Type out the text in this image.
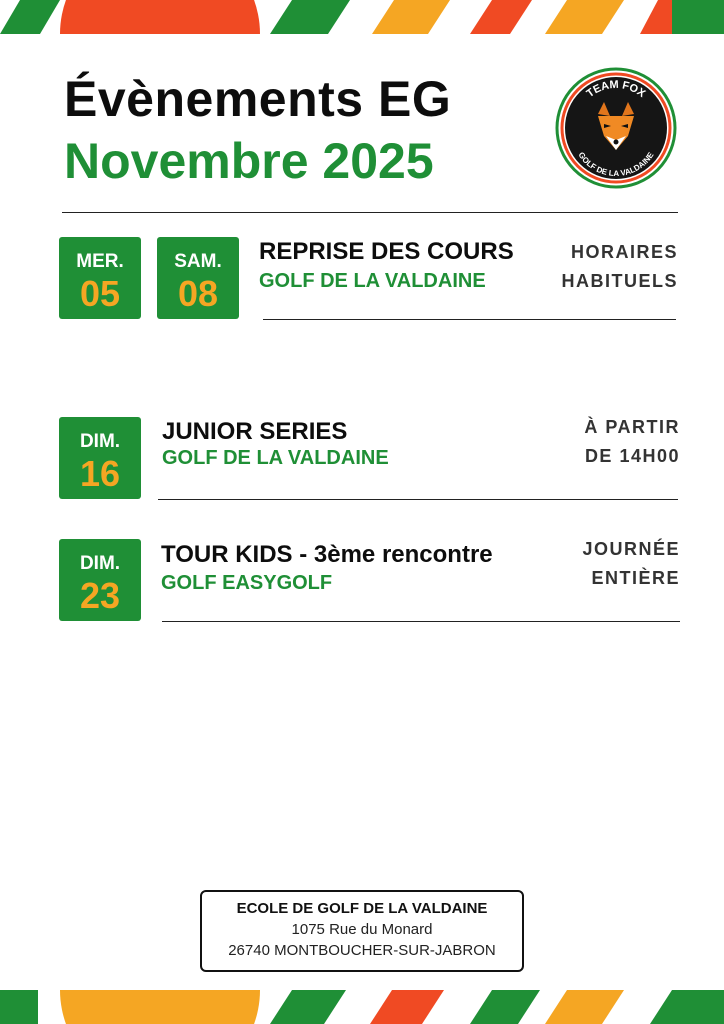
Évènements EG
Novembre 2025
TEAM FOX
GOLF DE LA VALDAINE
MER.
05
SAM.
08
REPRISE DES COURS
GOLF DE LA VALDAINE
HORAIRES
HABITUELS
DIM.
16
JUNIOR SERIES
GOLF DE LA VALDAINE
À PARTIR
DE 14H00
DIM.
23
TOUR KIDS - 3ème rencontre
GOLF EASYGOLF
JOURNÉE
ENTIÈRE
ECOLE DE GOLF DE LA VALDAINE
1075 Rue du Monard
26740 MONTBOUCHER-SUR-JABRON
